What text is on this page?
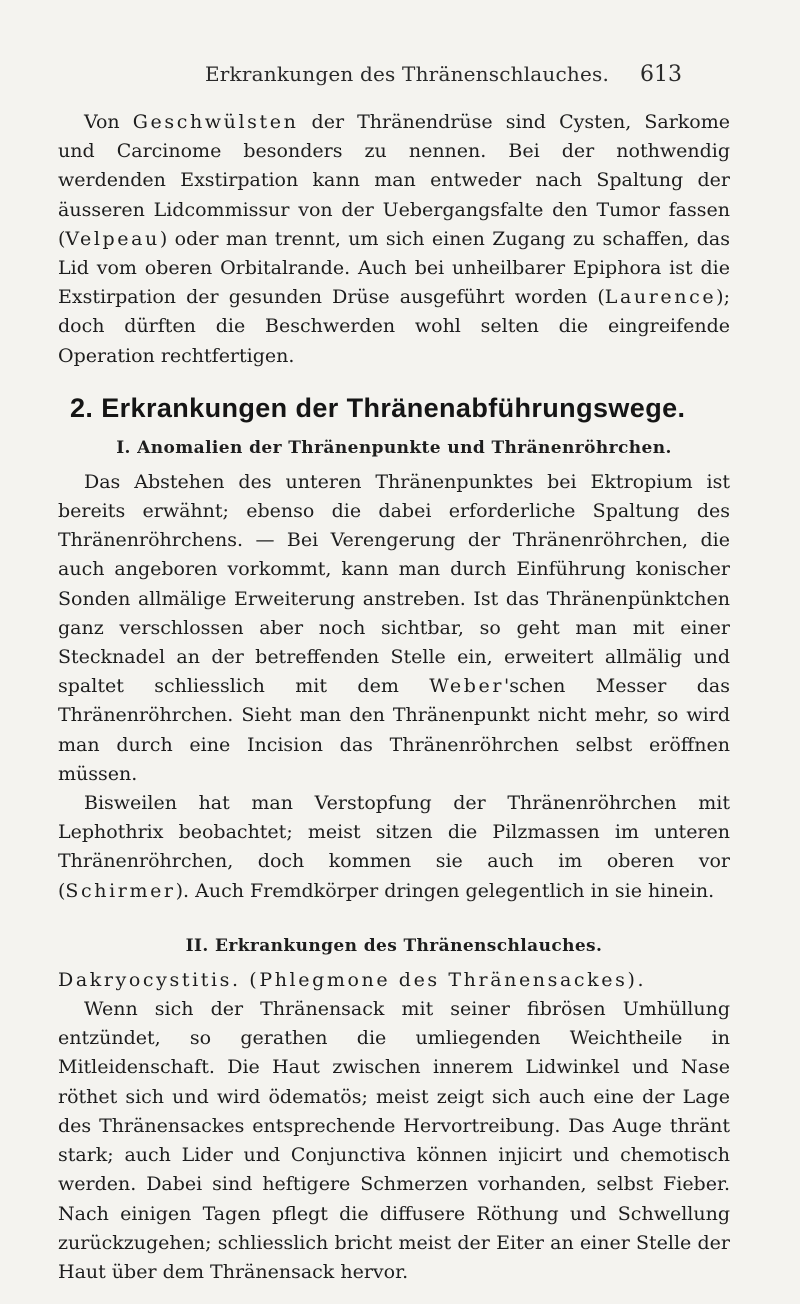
Erkrankungen des Thränenschlauches. 613

Von Geschwülsten der Thränendrüse sind Cysten, Sarkome und Carcinome besonders zu nennen. Bei der nothwendig werdenden Exstirpation kann man entweder nach Spaltung der äusseren Lidcommissur von der Uebergangsfalte den Tumor fassen (Velpeau) oder man trennt, um sich einen Zugang zu schaffen, das Lid vom oberen Orbitalrande. Auch bei unheilbarer Epiphora ist die Exstirpation der gesunden Drüse ausgeführt worden (Laurence); doch dürften die Beschwerden wohl selten die eingreifende Operation rechtfertigen.

2. Erkrankungen der Thränenabführungswege.
I. Anomalien der Thränenpunkte und Thränenröhrchen.

Das Abstehen des unteren Thränenpunktes bei Ektropium ist bereits erwähnt; ebenso die dabei erforderliche Spaltung des Thränenröhrchens. — Bei Verengerung der Thränenröhrchen, die auch angeboren vorkommt, kann man durch Einführung konischer Sonden allmälige Erweiterung anstreben. Ist das Thränenpünktchen ganz verschlossen aber noch sichtbar, so geht man mit einer Stecknadel an der betreffenden Stelle ein, erweitert allmälig und spaltet schliesslich mit dem Weber'schen Messer das Thränenröhrchen. Sieht man den Thränenpunkt nicht mehr, so wird man durch eine Incision das Thränenröhrchen selbst eröffnen müssen.

Bisweilen hat man Verstopfung der Thränenröhrchen mit Lephothrix beobachtet; meist sitzen die Pilzmassen im unteren Thränenröhrchen, doch kommen sie auch im oberen vor (Schirmer). Auch Fremdkörper dringen gelegentlich in sie hinein.

II. Erkrankungen des Thränenschlauches.

Dakryocystitis. (Phlegmone des Thränensackes).

Wenn sich der Thränensack mit seiner fibrösen Umhüllung entzündet, so gerathen die umliegenden Weichtheile in Mitleidenschaft. Die Haut zwischen innerem Lidwinkel und Nase röthet sich und wird ödematös; meist zeigt sich auch eine der Lage des Thränensackes entsprechende Hervortreibung. Das Auge thränt stark; auch Lider und Conjunctiva können injicirt und chemotisch werden. Dabei sind heftigere Schmerzen vorhanden, selbst Fieber. Nach einigen Tagen pflegt die diffusere Röthung und Schwellung zurückzugehen; schliesslich bricht meist der Eiter an einer Stelle der Haut über dem Thränensack hervor.
